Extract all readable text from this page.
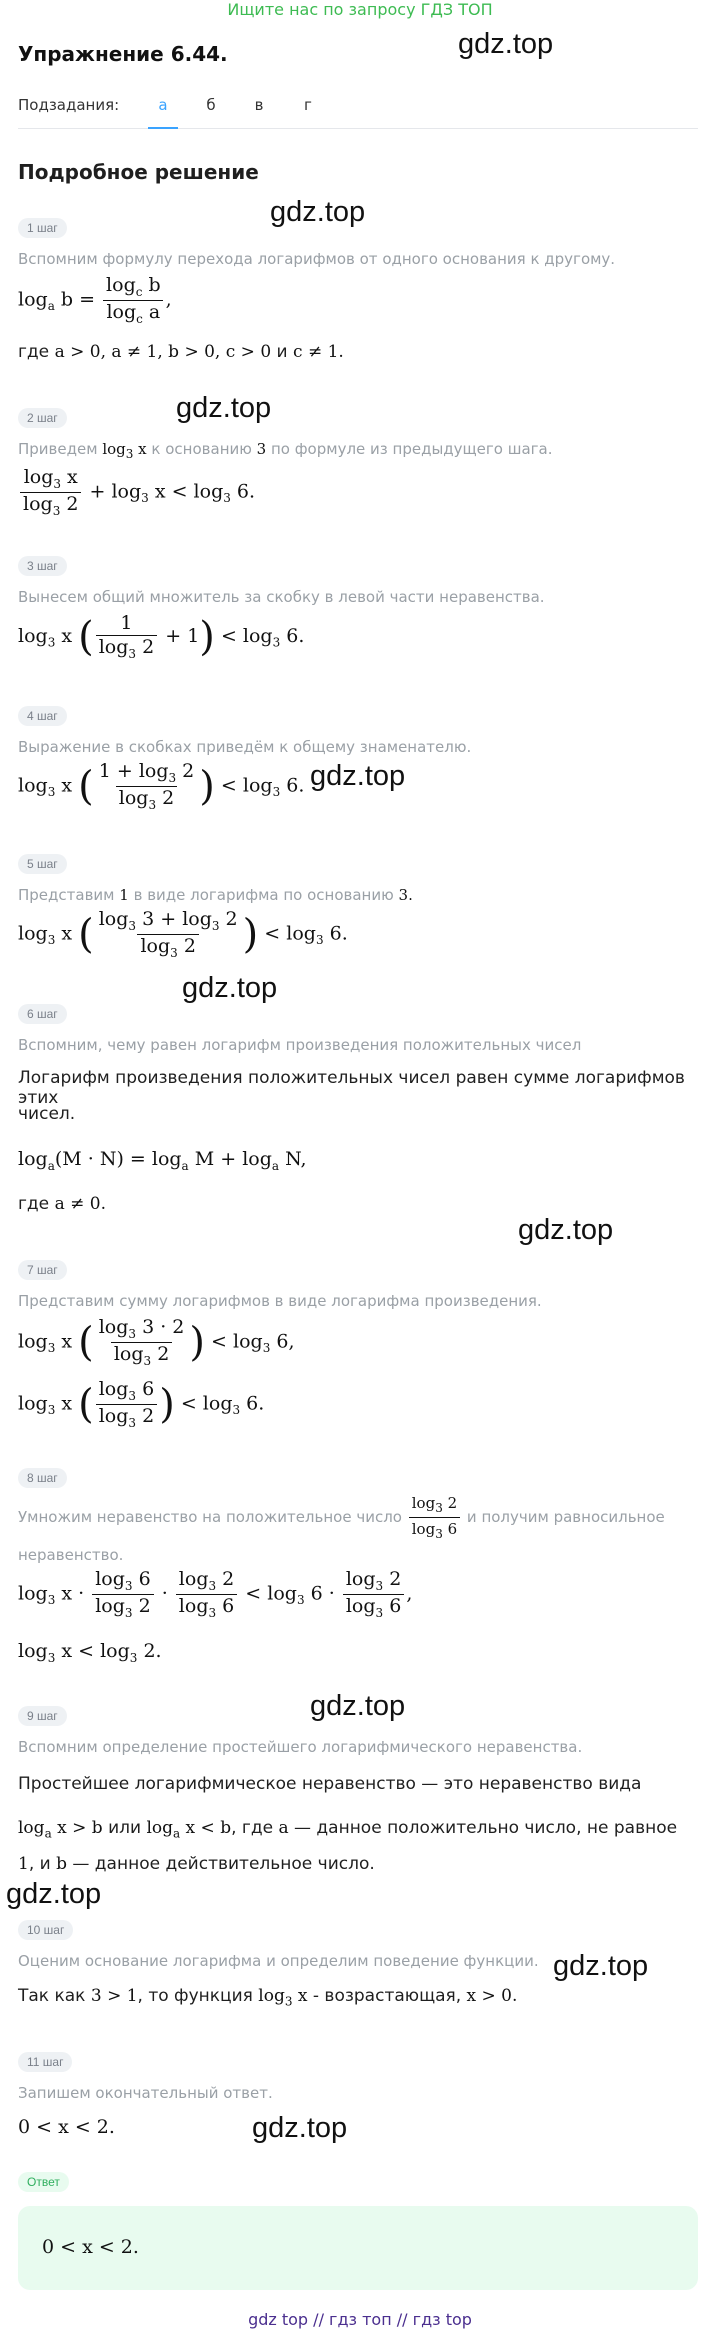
Ищите нас по запросу ГДЗ ТОП
Упражнение 6.44.	gdz.top
gdz.top
gdz.top
gdz.top
gdz.top
gdz.top
gdz.top
gdz.top
gdz.top
gdz.top
Подзадания:	а	б	в	г
Подробное решение
1 шаг
Вспомним формулу перехода логарифмов от одного основания к другому.
$\log_a b = \frac{\log_c b}{\log_c a}$ ,
где a > 0, a ≠ 1, b > 0, c > 0 и c ≠ 1.
2 шаг
Приведем $\log_3 x$ к основанию 3 по формуле из предыдущего шага.
$\frac{\log_3 x}{\log_3 2} + \log_3 x < \log_3 6$.
3 шаг
Вынесем общий множитель за скобку в левой части неравенства.
$\log_3 x$ ( $\frac{1}{\log_3 2} + 1) < \log_3 6$.
4 шаг
Выражение в скобках приведём к общему знаменателю.
$\log_3 x$ ( $\frac{1 + \log_3 2}{\log_3 2}$ ) < $\log_3 6$.
5 шаг
Представим 1 в виде логарифма по основанию 3.
$\log_3 x$ ( $\frac{\log_3 3 + \log_3 2}{\log_3 2}$ ) < $\log_3 6$.
6 шаг
Вспомним, чему равен логарифм произведения положительных чисел
Логарифм произведения положительных чисел равен сумме логарифмов этих
чисел.
$\log_a(M \cdot N) = \log_a M + \log_a N$,
где a ≠ 0.
7 шаг
Представим сумму логарифмов в виде логарифма произведения.
$\log_3 x$ ( $\frac{\log_3 3 \cdot 2}{\log_3 2}$ ) < $\log_3 6$,
$\log_3 x$ ( $\frac{\log_3 6}{\log_3 2}$ ) < $\log_3 6$.
8 шаг
Умножим неравенство на положительное число $\frac{\log_3 2}{\log_3 6}$ и получим равносильное
неравенство.
$\log_3 x \cdot \frac{\log_3 6}{\log_3 2} \cdot \frac{\log_3 2}{\log_3 6} < \log_3 6 \cdot \frac{\log_3 2}{\log_3 6}$ ,
$\log_3 x < \log_3 2$.
9 шаг
Вспомним определение простейшего логарифмического неравенства.
Простейшее логарифмическое неравенство — это неравенство вида
$\log_a x > b$ или $\log_a x < b$, где a — данное положительно число, не равное
1, и b — данное действительное число.
10 шаг
Оценим основание логарифма и определим поведение функции.
Так как 3 > 1, то функция $\log_3 x$ - возрастающая, x > 0.
11 шаг
Запишем окончательный ответ.
0 < x < 2.
Ответ
0 < x < 2.
gdz top // гдз топ // гдз top
